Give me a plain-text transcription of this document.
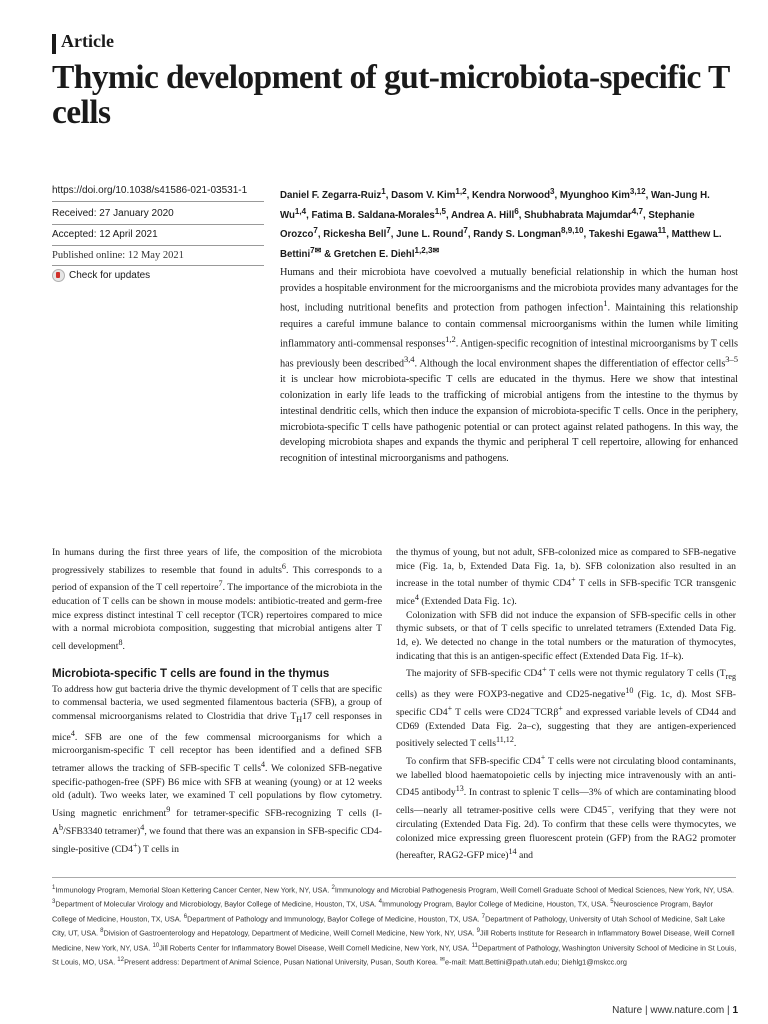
Article
Thymic development of gut-microbiota-specific T cells
https://doi.org/10.1038/s41586-021-03531-1
Received: 27 January 2020
Accepted: 12 April 2021
Published online: 12 May 2021
Check for updates
Daniel F. Zegarra-Ruiz$^1$, Dasom V. Kim$^{1,2}$, Kendra Norwood$^3$, Myunghoo Kim$^{3,12}$, Wan-Jung H. Wu$^{1,4}$, Fatima B. Saldana-Morales$^{1,5}$, Andrea A. Hill$^6$, Shubhabrata Majumdar$^{4,7}$, Stephanie Orozco$^7$, Rickesha Bell$^7$, June L. Round$^7$, Randy S. Longman$^{8,9,10}$, Takeshi Egawa$^{11}$, Matthew L. Bettini$^{7✉}$ & Gretchen E. Diehl$^{1,2,3✉}$
Humans and their microbiota have coevolved a mutually beneficial relationship in which the human host provides a hospitable environment for the microorganisms and the microbiota provides many advantages for the host, including nutritional benefits and protection from pathogen infection$^1$. Maintaining this relationship requires a careful immune balance to contain commensal microorganisms within the lumen while limiting inflammatory anti-commensal responses$^{1,2}$. Antigen-specific recognition of intestinal microorganisms by T cells has previously been described$^{3,4}$. Although the local environment shapes the differentiation of effector cells$^{3-5}$ it is unclear how microbiota-specific T cells are educated in the thymus. Here we show that intestinal colonization in early life leads to the trafficking of microbial antigens from the intestine to the thymus by intestinal dendritic cells, which then induce the expansion of microbiota-specific T cells. Once in the periphery, microbiota-specific T cells have pathogenic potential or can protect against related pathogens. In this way, the developing microbiota shapes and expands the thymic and peripheral T cell repertoire, allowing for enhanced recognition of intestinal microorganisms and pathogens.

In humans during the first three years of life, the composition of the microbiota progressively stabilizes to resemble that found in adults$^6$. This corresponds to a period of expansion of the T cell repertoire$^7$. The importance of the microbiota in the education of T cells can be shown in mouse models: antibiotic-treated and germ-free mice express distinct intestinal T cell receptor (TCR) repertoires compared to mice with a normal microbiota composition, suggesting that microbial antigens alter T cell development$^8$.

Microbiota-specific T cells are found in the thymus

To address how gut bacteria drive the thymic development of T cells that are specific to commensal bacteria, we used segmented filamentous bacteria (SFB), a group of commensal microorganisms related to Clostridia that drive $T_H17$ cell responses in mice$^4$. SFB are one of the few commensal microorganisms for which a microorganism-specific T cell receptor has been identified and a defined SFB tetramer allows the tracking of SFB-specific T cells$^4$. We colonized SFB-negative specific-pathogen-free (SPF) B6 mice with SFB at weaning (young) or at 12 weeks old (adult). Two weeks later, we examined T cell populations by flow cytometry. Using magnetic enrichment$^9$ for tetramer-specific SFB-recognizing T cells ($I-A^b/SFB3340$ tetramer)$^4$, we found that there was an expansion in SFB-specific CD4-single-positive (CD4+) T cells in

the thymus of young, but not adult, SFB-colonized mice as compared to SFB-negative mice (Fig. 1a, b, Extended Data Fig. 1a, b). SFB colonization also resulted in an increase in the total number of thymic CD4+ T cells in SFB-specific TCR transgenic mice$^4$ (Extended Data Fig. 1c).

Colonization with SFB did not induce the expansion of SFB-specific cells in other thymic subsets, or that of T cells specific to unrelated tetramers (Extended Data Fig. 1d, e). We detected no change in the total numbers or the maturation of thymocytes, indicating that this is an antigen-specific effect (Extended Data Fig. 1f–k).

The majority of SFB-specific CD4+ T cells were not thymic regulatory T cells ($T_{reg}$ cells) as they were FOXP3-negative and CD25-negative$^{10}$ (Fig. 1c, d). Most SFB-specific CD4+ T cells were CD24−TCRβ+ and expressed variable levels of CD44 and CD69 (Extended Data Fig. 2a–c), suggesting that they are antigen-experienced positively selected T cells$^{11,12}$.

To confirm that SFB-specific CD4+ T cells were not circulating blood contaminants, we labelled blood haematopoietic cells by injecting mice intravenously with an anti-CD45 antibody$^{13}$. In contrast to splenic T cells—3% of which are contaminating blood cells—nearly all tetramer-positive cells were CD45−, verifying that they were not circulating (Extended Data Fig. 2d). To confirm that these cells were thymocytes, we colonized mice expressing green fluorescent protein (GFP) from the RAG2 promoter (hereafter, RAG2-GFP mice)$^{14}$ and

$^1$Immunology Program, Memorial Sloan Kettering Cancer Center, New York, NY, USA. $^2$Immunology and Microbial Pathogenesis Program, Weill Cornell Graduate School of Medical Sciences, New York, NY, USA. $^3$Department of Molecular Virology and Microbiology, Baylor College of Medicine, Houston, TX, USA. $^4$Immunology Program, Baylor College of Medicine, Houston, TX, USA. $^5$Neuroscience Program, Baylor College of Medicine, Houston, TX, USA. $^6$Department of Pathology and Immunology, Baylor College of Medicine, Houston, TX, USA. $^7$Department of Pathology, University of Utah School of Medicine, Salt Lake City, UT, USA. $^8$Division of Gastroenterology and Hepatology, Department of Medicine, Weill Cornell Medicine, New York, NY, USA. $^9$Jill Roberts Institute for Research in Inflammatory Bowel Disease, Weill Cornell Medicine, New York, NY, USA. $^{10}$Jill Roberts Center for Inflammatory Bowel Disease, Weill Cornell Medicine, New York, NY, USA. $^{11}$Department of Pathology, Washington University School of Medicine in St Louis, St Louis, MO, USA. $^{12}$Present address: Department of Animal Science, Pusan National University, Pusan, South Korea. ✉e-mail: Matt.Bettini@path.utah.edu; Diehlg1@mskcc.org
Nature | www.nature.com | 1
